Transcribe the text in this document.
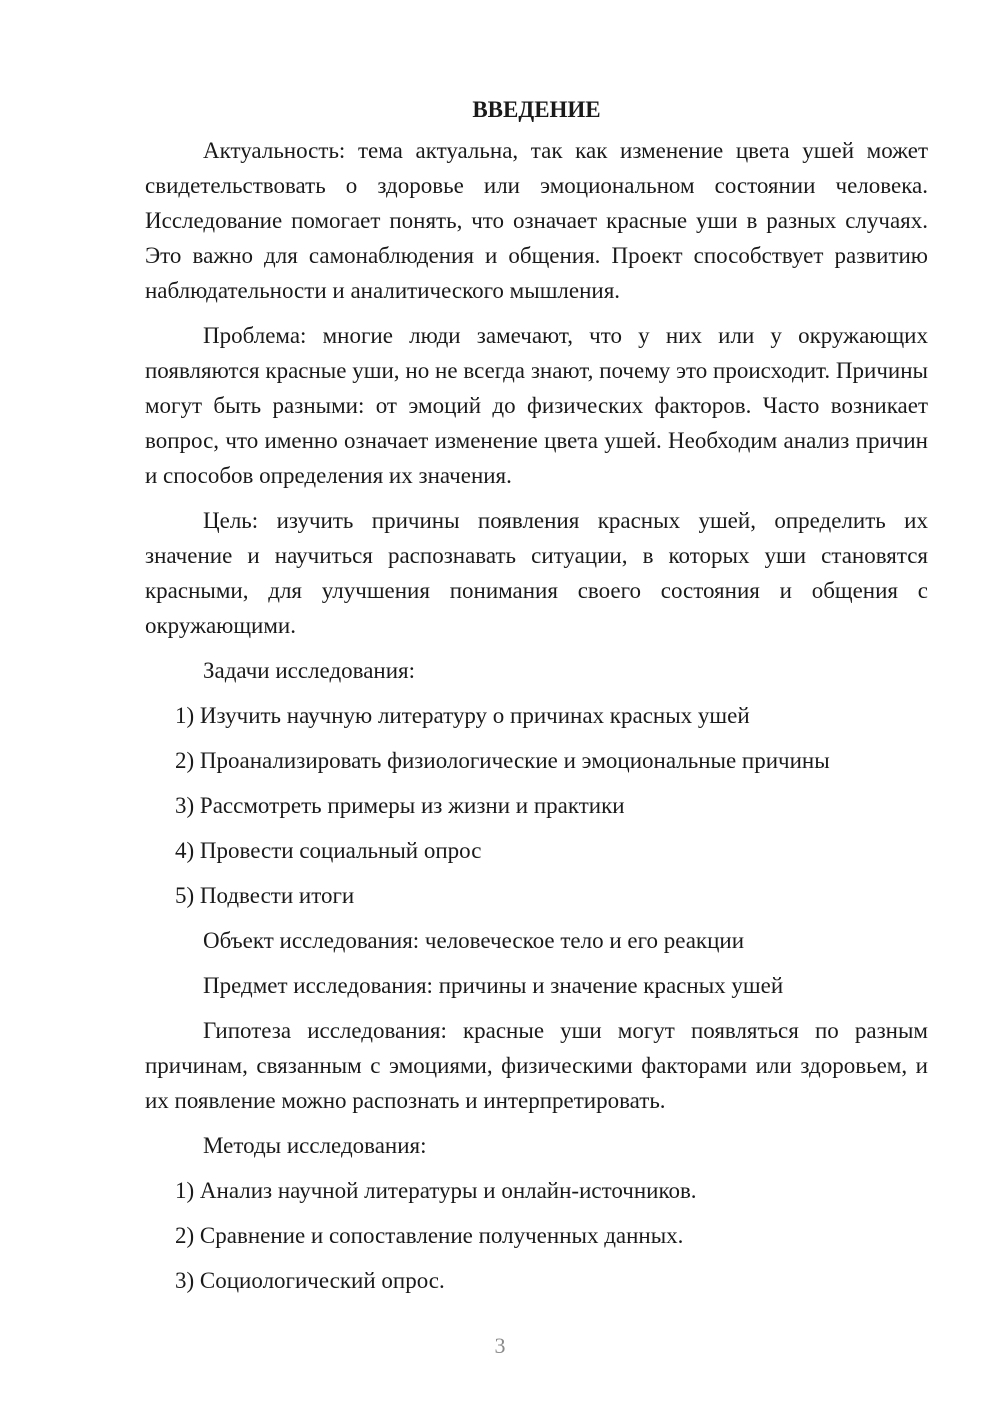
ВВЕДЕНИЕ

Актуальность: тема актуальна, так как изменение цвета ушей может свидетельствовать о здоровье или эмоциональном состоянии человека. Исследование помогает понять, что означает красные уши в разных случаях. Это важно для самонаблюдения и общения. Проект способствует развитию наблюдательности и аналитического мышления.

Проблема: многие люди замечают, что у них или у окружающих появляются красные уши, но не всегда знают, почему это происходит. Причины могут быть разными: от эмоций до физических факторов. Часто возникает вопрос, что именно означает изменение цвета ушей. Необходим анализ причин и способов определения их значения.

Цель: изучить причины появления красных ушей, определить их значение и научиться распознавать ситуации, в которых уши становятся красными, для улучшения понимания своего состояния и общения с окружающими.

Задачи исследования:
1) Изучить научную литературу о причинах красных ушей
2) Проанализировать физиологические и эмоциональные причины
3) Рассмотреть примеры из жизни и практики
4) Провести социальный опрос
5) Подвести итоги
Объект исследования: человеческое тело и его реакции
Предмет исследования: причины и значение красных ушей

Гипотеза исследования: красные уши могут появляться по разным причинам, связанным с эмоциями, физическими факторами или здоровьем, и их появление можно распознать и интерпретировать.

Методы исследования:
1) Анализ научной литературы и онлайн-источников.
2) Сравнение и сопоставление полученных данных.
3) Социологический опрос.
3
